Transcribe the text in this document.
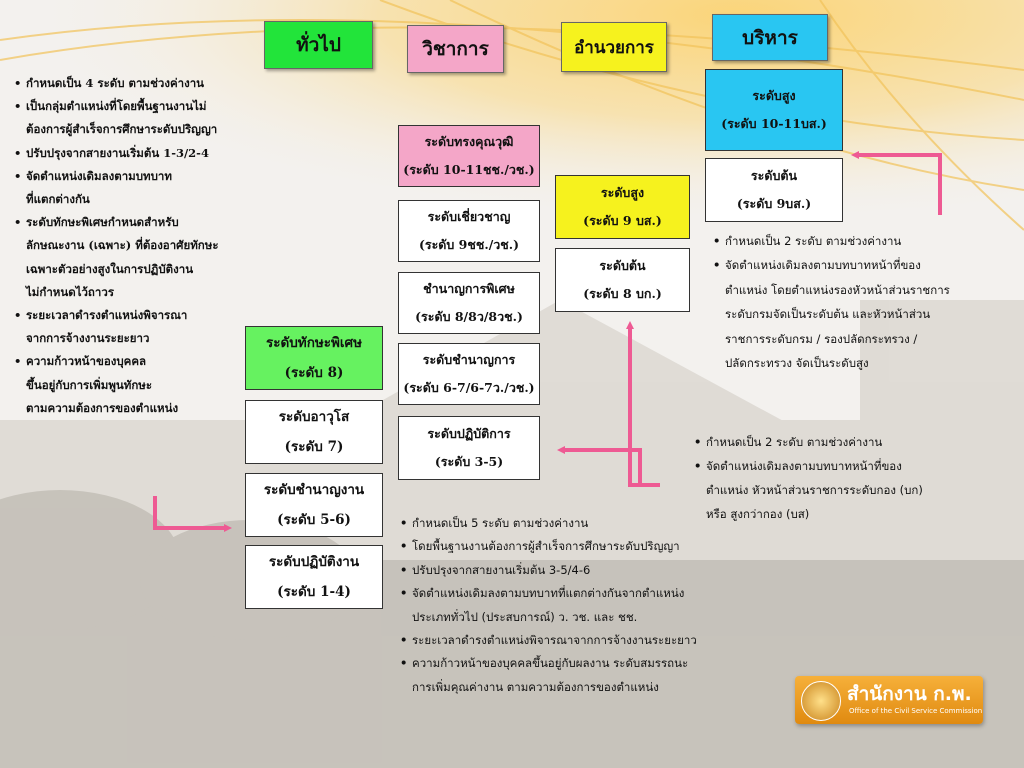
ทั่วไป	วิชาการ	อำนวยการ	บริหาร
ระดับทักษะพิเศษ
(ระดับ 8)
ระดับอาวุโส
(ระดับ 7)
ระดับชำนาญงาน
(ระดับ 5-6)
ระดับปฏิบัติงาน
(ระดับ 1-4)
ระดับทรงคุณวุฒิ
(ระดับ 10-11ชช./วช.)
ระดับเชี่ยวชาญ
(ระดับ 9ชช./วช.)
ชำนาญการพิเศษ
(ระดับ 8/8ว/8วช.)
ระดับชำนาญการ
(ระดับ 6-7/6-7ว./วช.)
ระดับปฏิบัติการ
(ระดับ 3-5)
ระดับสูง
(ระดับ 9 บส.)
ระดับต้น
(ระดับ 8 บก.)
ระดับสูง
(ระดับ 10-11บส.)
ระดับต้น
(ระดับ 9บส.)
• กำหนดเป็น 4 ระดับ ตามช่วงค่างาน
• เป็นกลุ่มตำแหน่งที่โดยพื้นฐานงานไม่
ต้องการผู้สำเร็จการศึกษาระดับปริญญา
• ปรับปรุงจากสายงานเริ่มต้น 1-3/2-4
• จัดตำแหน่งเดิมลงตามบทบาท
ที่แตกต่างกัน
• ระดับทักษะพิเศษกำหนดสำหรับ
ลักษณะงาน (เฉพาะ) ที่ต้องอาศัยทักษะ
เฉพาะตัวอย่างสูงในการปฏิบัติงาน
ไม่กำหนดไว้ถาวร
• ระยะเวลาดำรงตำแหน่งพิจารณา
จากการจ้างงานระยะยาว
• ความก้าวหน้าของบุคคล
ขึ้นอยู่กับการเพิ่มพูนทักษะ
ตามความต้องการของตำแหน่ง
• กำหนดเป็น 5 ระดับ ตามช่วงค่างาน
• โดยพื้นฐานงานต้องการผู้สำเร็จการศึกษาระดับปริญญา
• ปรับปรุงจากสายงานเริ่มต้น 3-5/4-6
• จัดตำแหน่งเดิมลงตามบทบาทที่แตกต่างกันจากตำแหน่ง
ประเภททั่วไป (ประสบการณ์) ว. วช. และ ชช.
• ระยะเวลาดำรงตำแหน่งพิจารณาจากการจ้างงานระยะยาว
• ความก้าวหน้าของบุคคลขึ้นอยู่กับผลงาน ระดับสมรรถนะ
การเพิ่มคุณค่างาน ตามความต้องการของตำแหน่ง
• กำหนดเป็น 2 ระดับ ตามช่วงค่างาน
• จัดตำแหน่งเดิมลงตามบทบาทหน้าที่ของ
ตำแหน่ง หัวหน้าส่วนราชการระดับกอง (บก)
หรือ สูงกว่ากอง (บส)
• กำหนดเป็น 2 ระดับ ตามช่วงค่างาน
• จัดตำแหน่งเดิมลงตามบทบาทหน้าที่ของ
ตำแหน่ง โดยตำแหน่งรองหัวหน้าส่วนราชการ
ระดับกรมจัดเป็นระดับต้น และหัวหน้าส่วน
ราชการระดับกรม / รองปลัดกระทรวง /
ปลัดกระทรวง จัดเป็นระดับสูง
สำนักงาน ก.พ.
Office of the Civil Service Commission
